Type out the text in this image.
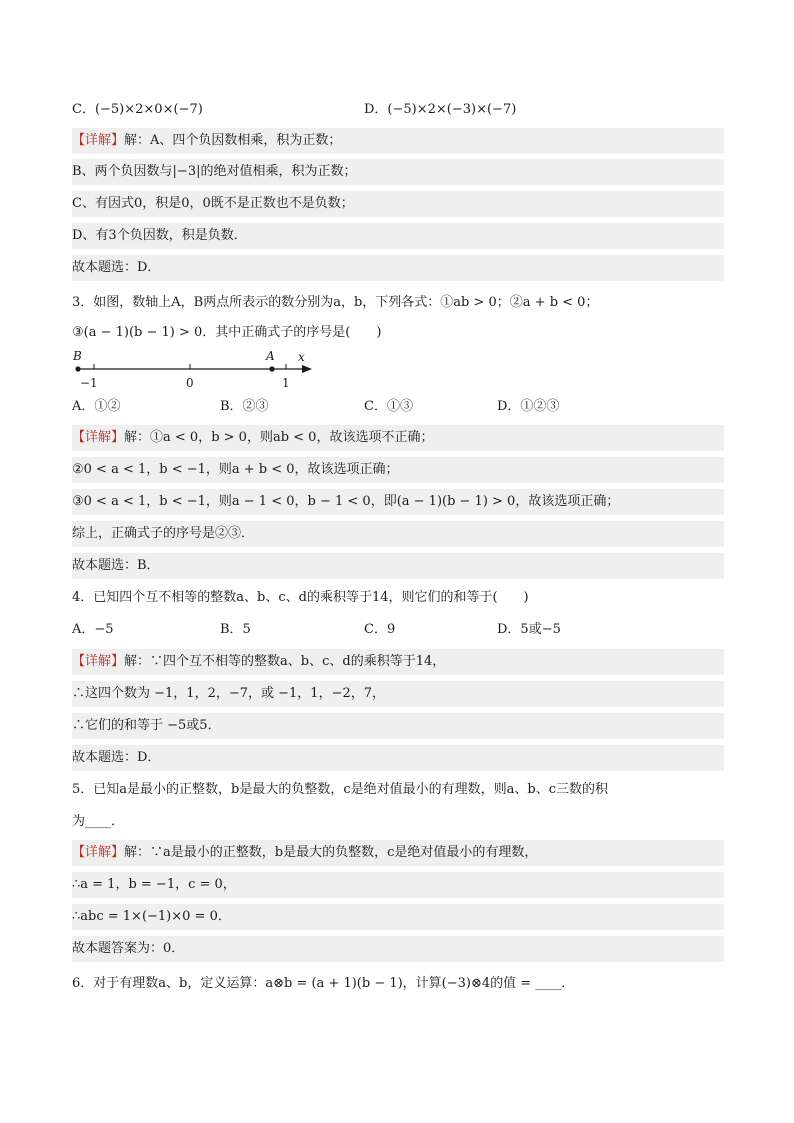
C．(−5)×2×0×(−7)	D．(−5)×2×(−3)×(−7)
【详解】解：A、四个负因数相乘，积为正数；
B、两个负因数与|−3|的绝对值相乘，积为正数；
C、有因式0，积是0，0既不是正数也不是负数；
D、有3个负因数，积是负数．
故本题选：D．
3．如图，数轴上A，B两点所表示的数分别为a，b，下列各式：①ab > 0；②a + b < 0；
③(a − 1)(b − 1) > 0．其中正确式子的序号是(　　)
B	A x
−1	0	1
A．①②	B．②③	C．①③	D．①②③
【详解】解：①a < 0，b > 0，则ab < 0，故该选项不正确；
②0 < a < 1，b < −1，则a + b < 0，故该选项正确；
③0 < a < 1，b < −1，则a − 1 < 0，b − 1 < 0，即(a − 1)(b − 1) > 0，故该选项正确；
综上，正确式子的序号是②③．
故本题选：B．
4．已知四个互不相等的整数a、b、c、d的乘积等于14，则它们的和等于(　　)
A．−5	B．5	C．9	D．5或−5
【详解】解：∵四个互不相等的整数a、b、c、d的乘积等于14，
∴这四个数为 −1，1，2，−7，或 −1，1，−2，7，
∴它们的和等于 −5或5．
故本题选：D．
5．已知a是最小的正整数，b是最大的负整数，c是绝对值最小的有理数，则a、b、c三数的积
为____．
【详解】解：∵a是最小的正整数，b是最大的负整数，c是绝对值最小的有理数，
∴a = 1，b = −1，c = 0，
∴abc = 1×(−1)×0 = 0．
故本题答案为：0．
6．对于有理数a、b，定义运算：a⊗b = (a + 1)(b − 1)，计算(−3)⊗4的值 = ____．
